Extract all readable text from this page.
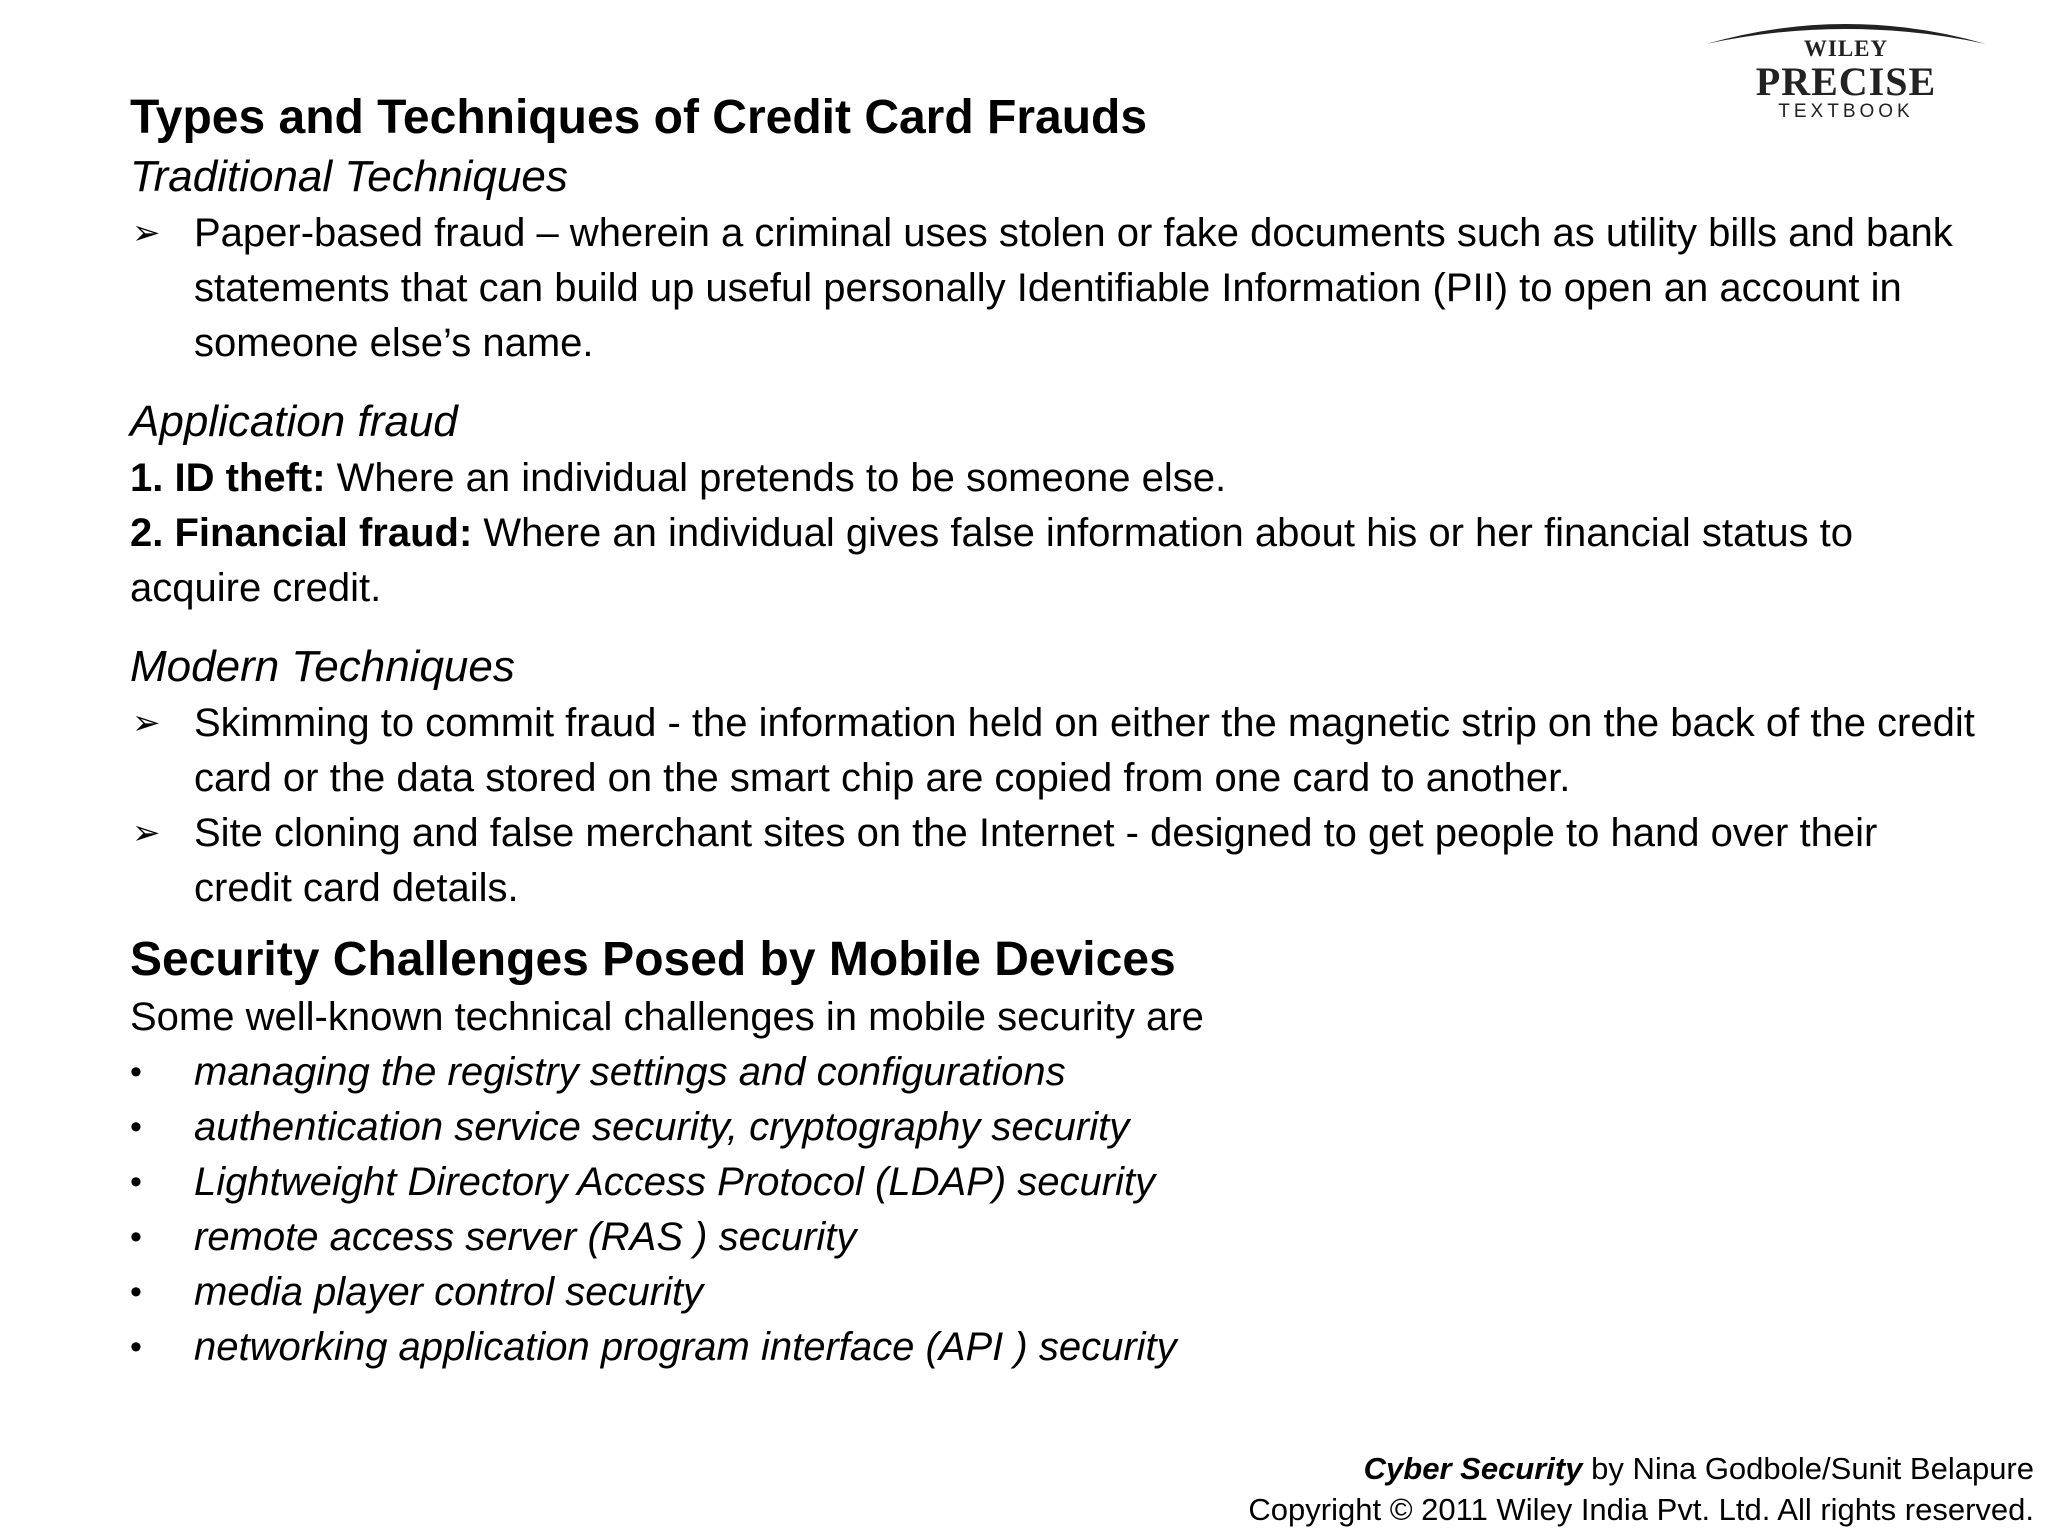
WILEY
PRECISE
TEXTBOOK

Types and Techniques of Credit Card Frauds

Traditional Techniques

➢ Paper-based fraud – wherein a criminal uses stolen or fake documents such as utility bills and bank statements that can build up useful personally Identifiable Information (PII) to open an account in someone else’s name.

Application fraud

1. ID theft: Where an individual pretends to be someone else.

2. Financial fraud: Where an individual gives false information about his or her financial status to acquire credit.

Modern Techniques

➢ Skimming to commit fraud - the information held on either the magnetic strip on the back of the credit card or the data stored on the smart chip are copied from one card to another.
➢ Site cloning and false merchant sites on the Internet - designed to get people to hand over their credit card details.

Security Challenges Posed by Mobile Devices

Some well-known technical challenges in mobile security are

• managing the registry settings and configurations
• authentication service security, cryptography security
• Lightweight Directory Access Protocol (LDAP) security
• remote access server (RAS ) security
• media player control security
• networking application program interface (API ) security
Cyber Security by Nina Godbole/Sunit Belapure
Copyright © 2011 Wiley India Pvt. Ltd. All rights reserved.
